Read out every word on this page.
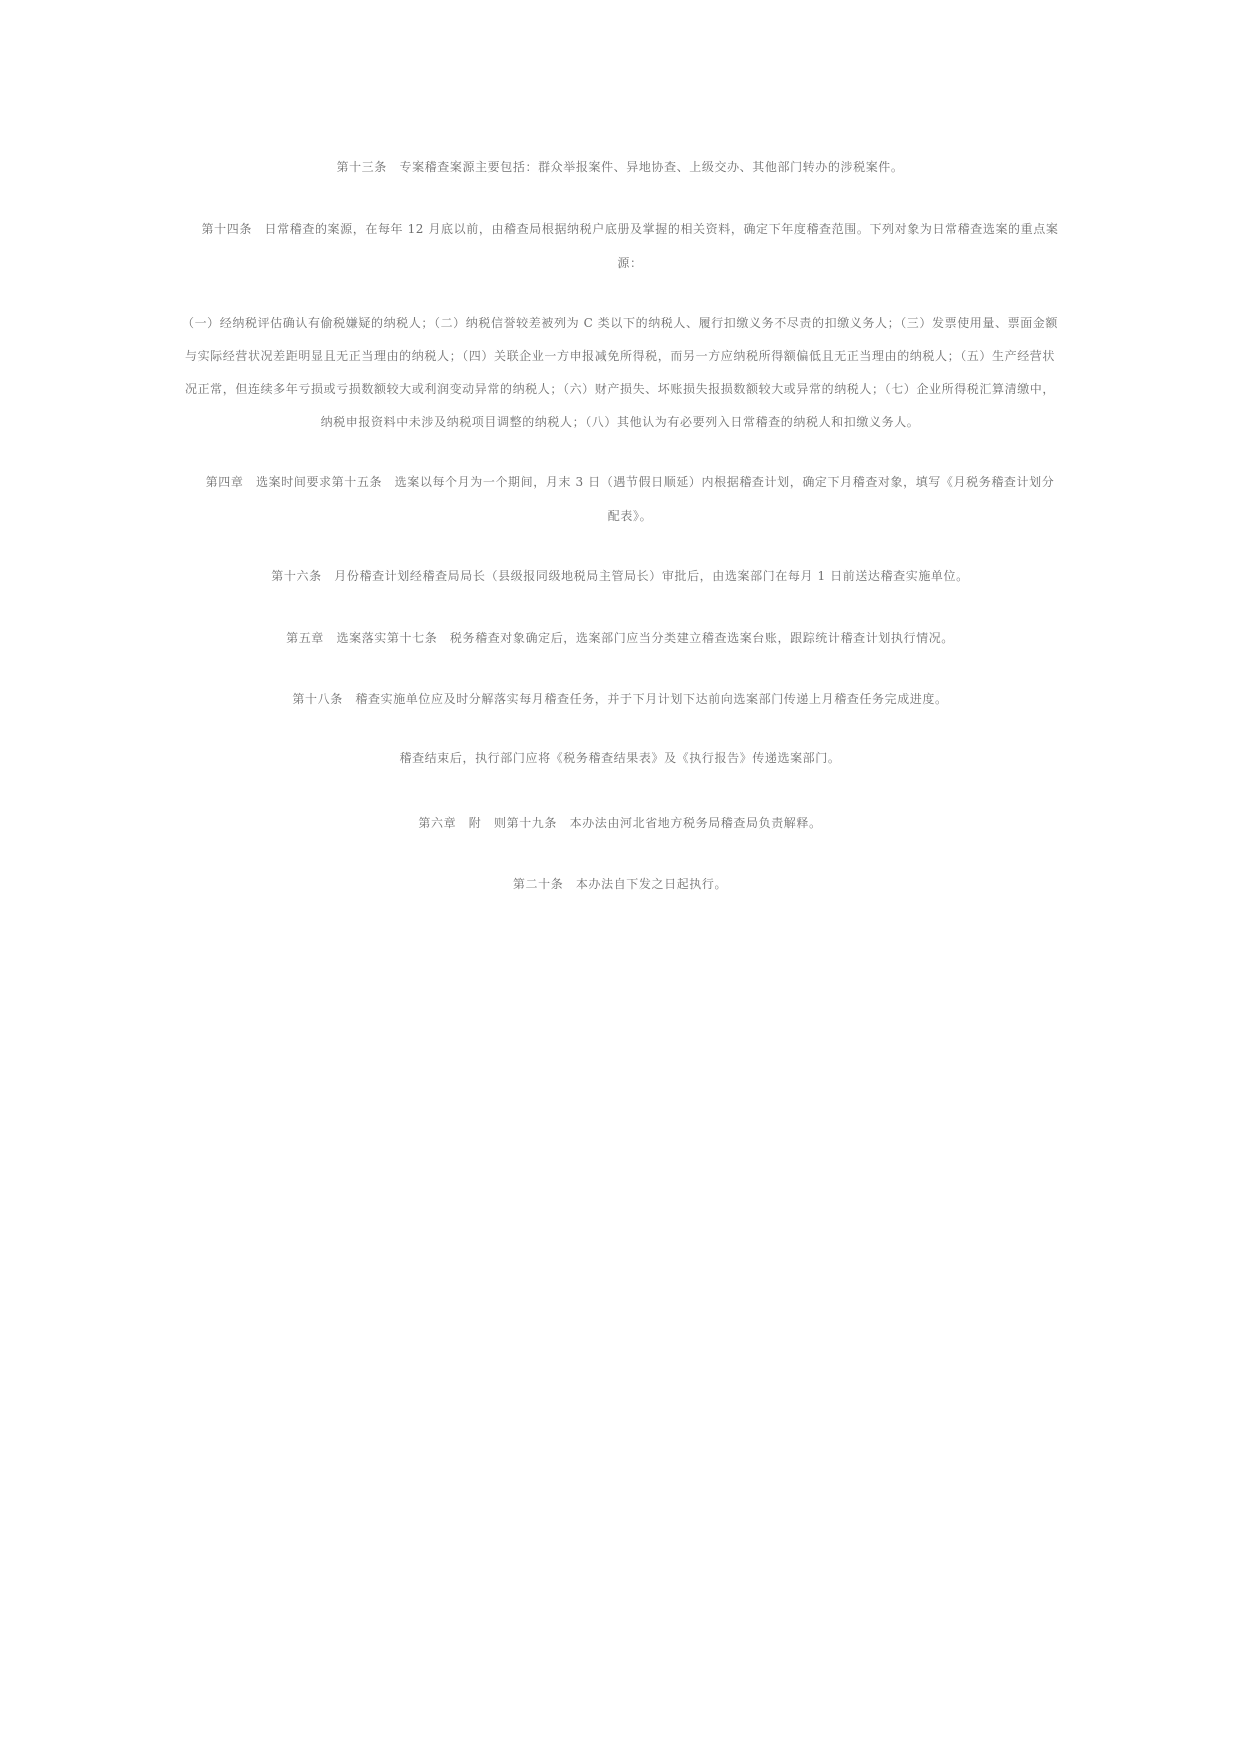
第十三条　专案稽查案源主要包括：群众举报案件、异地协查、上级交办、其他部门转办的涉税案件。

第十四条　日常稽查的案源，在每年 12 月底以前，由稽查局根据纳税户底册及掌握的相关资料，确定下年度稽查范围。下列对象为日常稽查选案的重点案源：

（一）经纳税评估确认有偷税嫌疑的纳税人；（二）纳税信誉较差被列为 C 类以下的纳税人、履行扣缴义务不尽责的扣缴义务人；（三）发票使用量、票面金额与实际经营状况差距明显且无正当理由的纳税人；（四）关联企业一方申报减免所得税，而另一方应纳税所得额偏低且无正当理由的纳税人；（五）生产经营状况正常，但连续多年亏损或亏损数额较大或利润变动异常的纳税人；（六）财产损失、坏账损失报损数额较大或异常的纳税人；（七）企业所得税汇算清缴中，纳税申报资料中未涉及纳税项目调整的纳税人；（八）其他认为有必要列入日常稽查的纳税人和扣缴义务人。

第四章　选案时间要求第十五条　选案以每个月为一个期间，月末 3 日（遇节假日顺延）内根据稽查计划，确定下月稽查对象，填写《月税务稽查计划分配表》。

第十六条　月份稽查计划经稽查局局长（县级报同级地税局主管局长）审批后，由选案部门在每月 1 日前送达稽查实施单位。

第五章　选案落实第十七条　税务稽查对象确定后，选案部门应当分类建立稽查选案台账，跟踪统计稽查计划执行情况。

第十八条　稽查实施单位应及时分解落实每月稽查任务，并于下月计划下达前向选案部门传递上月稽查任务完成进度。

稽查结束后，执行部门应将《税务稽查结果表》及《执行报告》传递选案部门。

第六章　附　则第十九条　本办法由河北省地方税务局稽查局负责解释。

第二十条　本办法自下发之日起执行。
